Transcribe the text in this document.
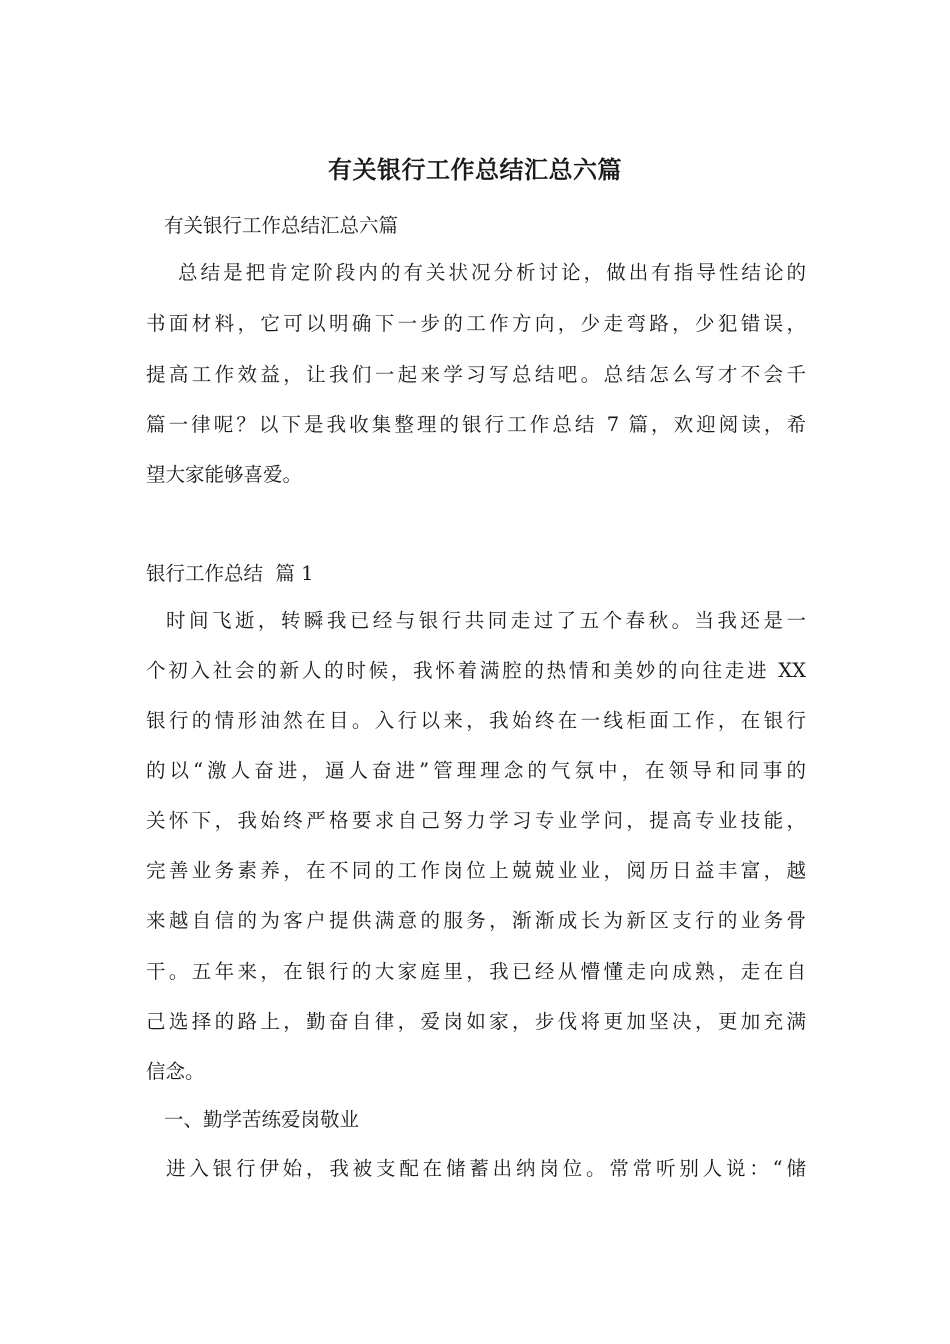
有关银行工作总结汇总六篇
有关银行工作总结汇总六篇
总结是把肯定阶段内的有关状况分析讨论，做出有指导性结论的
书面材料，它可以明确下一步的工作方向，少走弯路，少犯错误，
提高工作效益，让我们一起来学习写总结吧。总结怎么写才不会千
篇一律呢？以下是我收集整理的银行工作总结 7 篇，欢迎阅读，希
望大家能够喜爱。
银行工作总结  篇 1
时间飞逝，转瞬我已经与银行共同走过了五个春秋。当我还是一
个初入社会的新人的时候，我怀着满腔的热情和美妙的向往走进 XX
银行的情形油然在目。入行以来，我始终在一线柜面工作，在银行
的以“激人奋进，逼人奋进”管理理念的气氛中，在领导和同事的
关怀下，我始终严格要求自己努力学习专业学问，提高专业技能，
完善业务素养，在不同的工作岗位上兢兢业业，阅历日益丰富，越
来越自信的为客户提供满意的服务，渐渐成长为新区支行的业务骨
干。五年来，在银行的大家庭里，我已经从懵懂走向成熟，走在自
己选择的路上，勤奋自律，爱岗如家，步伐将更加坚决，更加充满
信念。
一、勤学苦练爱岗敬业
进入银行伊始，我被支配在储蓄出纳岗位。常常听别人说：“储
